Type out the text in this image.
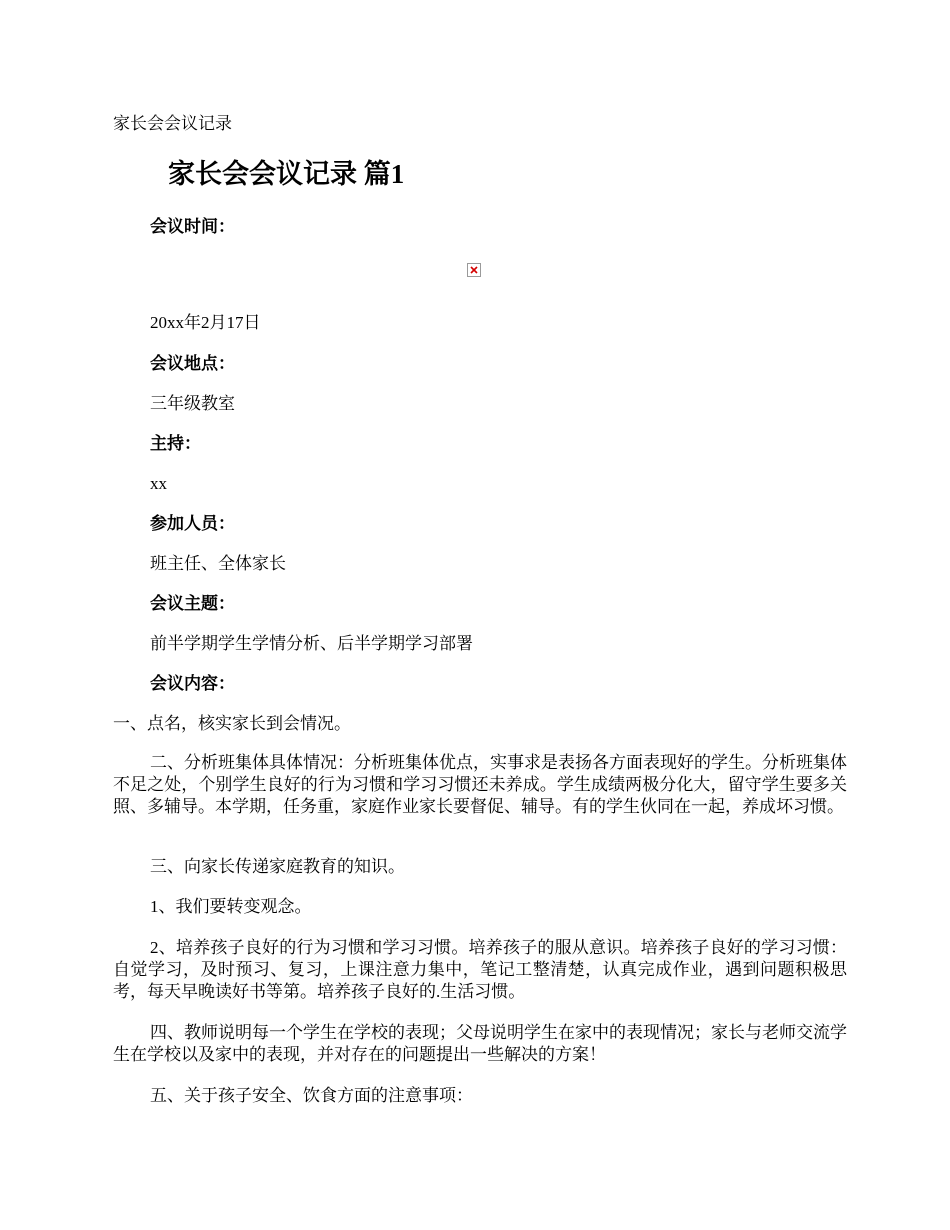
家长会会议记录

家长会会议记录 篇1

会议时间：

20xx年2月17日

会议地点：

三年级教室

主持：

xx

参加人员：

班主任、全体家长

会议主题：

前半学期学生学情分析、后半学期学习部署

会议内容：

一、点名，核实家长到会情况。

二、分析班集体具体情况：分析班集体优点，实事求是表扬各方面表现好的学生。分析班集体不足之处，个别学生良好的行为习惯和学习习惯还未养成。学生成绩两极分化大，留守学生要多关照、多辅导。本学期，任务重，家庭作业家长要督促、辅导。有的学生伙同在一起，养成坏习惯。

三、向家长传递家庭教育的知识。

1、我们要转变观念。

2、培养孩子良好的行为习惯和学习习惯。培养孩子的服从意识。培养孩子良好的学习习惯：自觉学习，及时预习、复习，上课注意力集中，笔记工整清楚，认真完成作业，遇到问题积极思考，每天早晚读好书等第。培养孩子良好的.生活习惯。

四、教师说明每一个学生在学校的表现；父母说明学生在家中的表现情况；家长与老师交流学生在学校以及家中的表现，并对存在的问题提出一些解决的方案！

五、关于孩子安全、饮食方面的注意事项：
